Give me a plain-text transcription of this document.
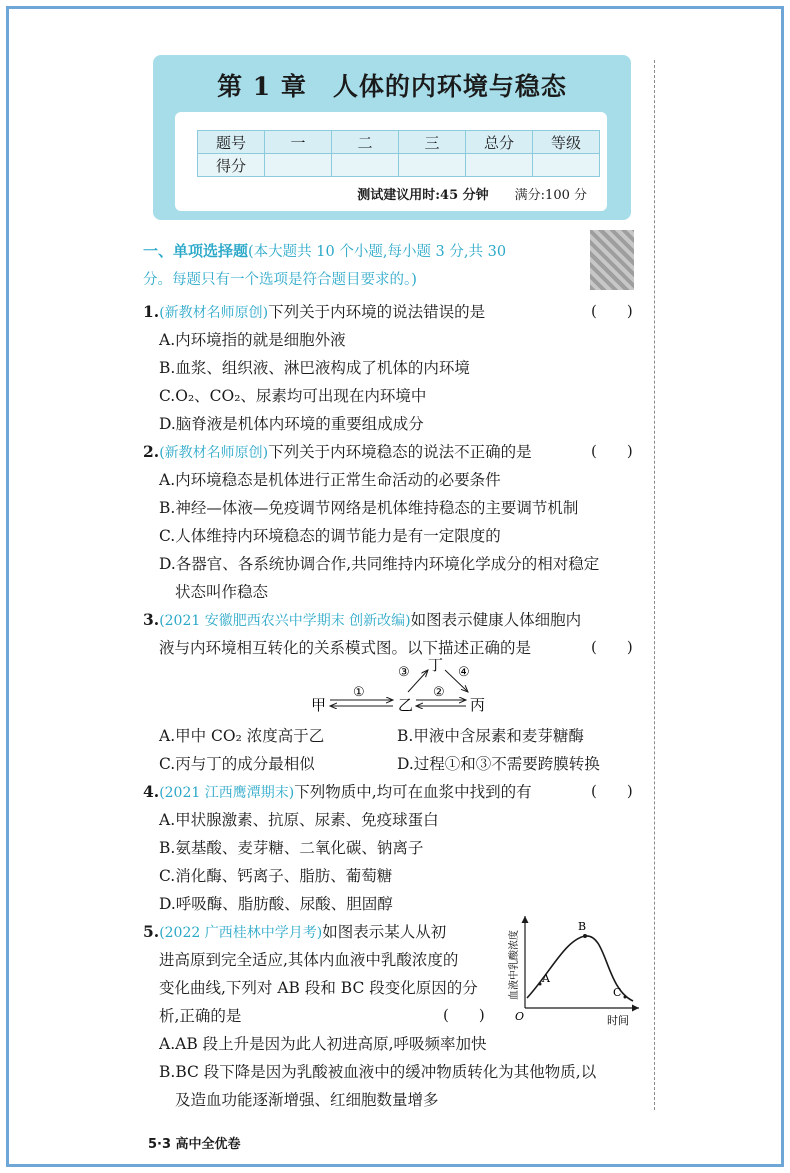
第 1 章　人体的内环境与稳态
题号	一	二	三	总分	等级
得分					
测试建议用时:45 分钟 满分:100 分
一、单项选择题(本大题共 10 个小题,每小题 3 分,共 30
分。每题只有一个选项是符合题目要求的。)
1.(新教材名师原创)下列关于内环境的说法错误的是	(　　)
A.内环境指的就是细胞外液
B.血浆、组织液、淋巴液构成了机体的内环境
C.O₂、CO₂、尿素均可出现在内环境中
D.脑脊液是机体内环境的重要组成成分
2.(新教材名师原创)下列关于内环境稳态的说法不正确的是	(　　)
A.内环境稳态是机体进行正常生命活动的必要条件
B.神经—体液—免疫调节网络是机体维持稳态的主要调节机制
C.人体维持内环境稳态的调节能力是有一定限度的
D.各器官、各系统协调合作,共同维持内环境化学成分的相对稳定
状态叫作稳态
3.(2021 安徽肥西农兴中学期末 创新改编)如图表示健康人体细胞内
液与内环境相互转化的关系模式图。以下描述正确的是	(　　)
甲	乙	丙
丁
①	②
③	④
A.甲中 CO₂ 浓度高于乙	B.甲液中含尿素和麦芽糖酶
C.丙与丁的成分最相似	D.过程①和③不需要跨膜转换
4.(2021 江西鹰潭期末)下列物质中,均可在血浆中找到的有	(　　)
A.甲状腺激素、抗原、尿素、免疫球蛋白
B.氨基酸、麦芽糖、二氧化碳、钠离子
C.消化酶、钙离子、脂肪、葡萄糖
D.呼吸酶、脂肪酸、尿酸、胆固醇
5.(2022 广西桂林中学月考)如图表示某人从初
进高原到完全适应,其体内血液中乳酸浓度的
变化曲线,下列对 AB 段和 BC 段变化原因的分
析,正确的是	(　　)
A
B
C
O	时间
血液中乳酸浓度
A.AB 段上升是因为此人初进高原,呼吸频率加快
B.BC 段下降是因为乳酸被血液中的缓冲物质转化为其他物质,以
及造血功能逐渐增强、红细胞数量增多
5·3 高中全优卷
